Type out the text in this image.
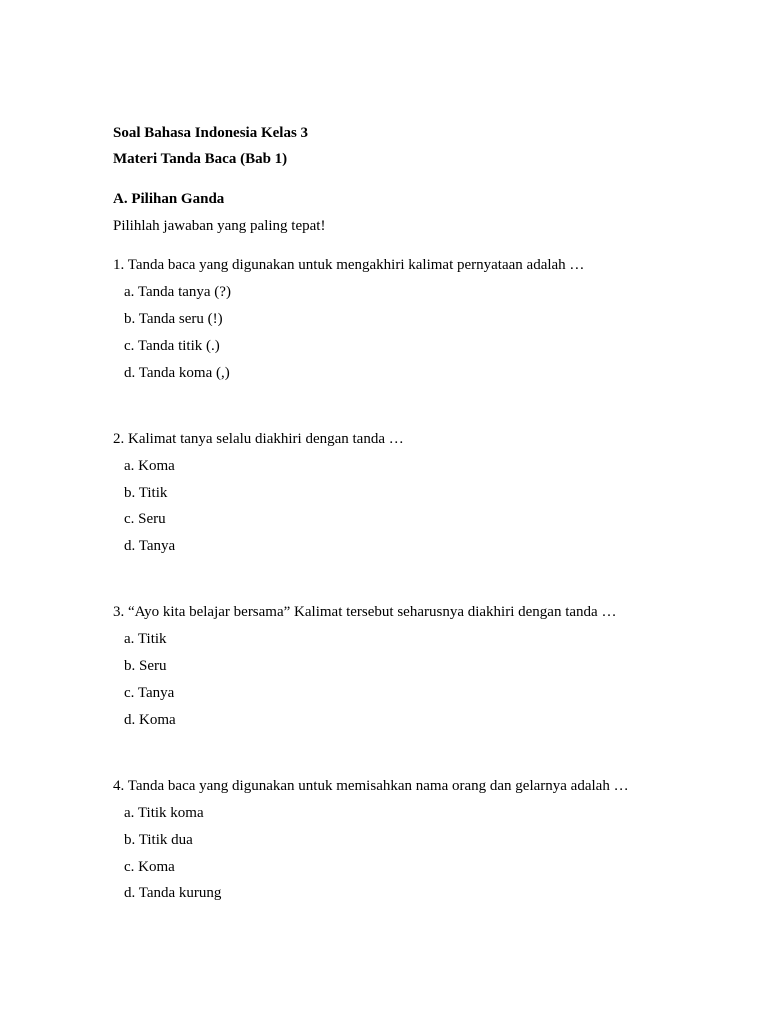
Soal Bahasa Indonesia Kelas 3
Materi Tanda Baca (Bab 1)
A. Pilihan Ganda
Pilihlah jawaban yang paling tepat!
1. Tanda baca yang digunakan untuk mengakhiri kalimat pernyataan adalah …
a. Tanda tanya (?)
b. Tanda seru (!)
c. Tanda titik (.)
d. Tanda koma (,)
2. Kalimat tanya selalu diakhiri dengan tanda …
a. Koma
b. Titik
c. Seru
d. Tanya
3. “Ayo kita belajar bersama” Kalimat tersebut seharusnya diakhiri dengan tanda …
a. Titik
b. Seru
c. Tanya
d. Koma
4. Tanda baca yang digunakan untuk memisahkan nama orang dan gelarnya adalah …
a. Titik koma
b. Titik dua
c. Koma
d. Tanda kurung
